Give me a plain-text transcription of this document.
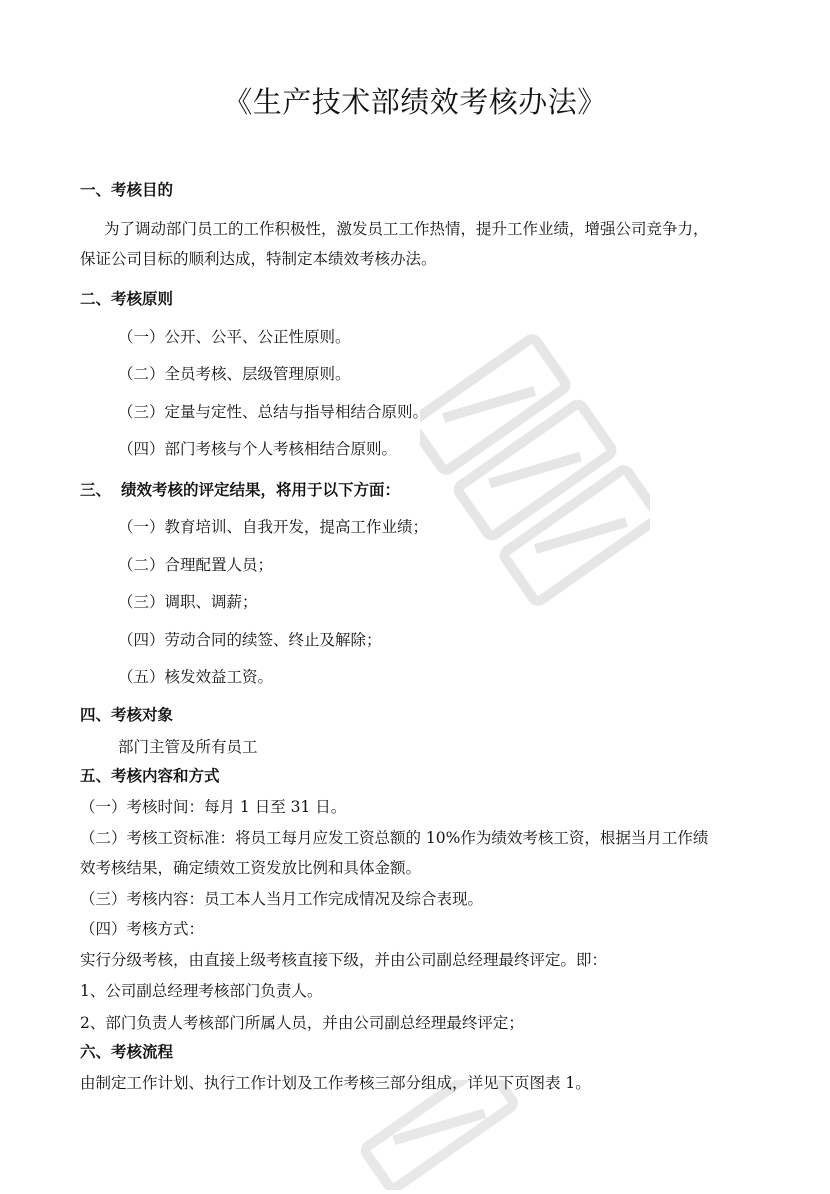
《生产技术部绩效考核办法》
一、考核目的
为了调动部门员工的工作积极性，激发员工工作热情，提升工作业绩，增强公司竞争力，
保证公司目标的顺利达成，特制定本绩效考核办法。
二、考核原则
（一）公开、公平、公正性原则。
（二）全员考核、层级管理原则。
（三）定量与定性、总结与指导相结合原则。
（四）部门考核与个人考核相结合原则。
三、 绩效考核的评定结果，将用于以下方面：
（一）教育培训、自我开发，提高工作业绩；
（二）合理配置人员；
（三）调职、调薪；
（四）劳动合同的续签、终止及解除；
（五）核发效益工资。
四、考核对象
部门主管及所有员工
五、考核内容和方式
（一）考核时间：每月 1 日至 31 日。
（二）考核工资标准：将员工每月应发工资总额的 10%作为绩效考核工资，根据当月工作绩
效考核结果，确定绩效工资发放比例和具体金额。
（三）考核内容：员工本人当月工作完成情况及综合表现。
（四）考核方式：
实行分级考核，由直接上级考核直接下级，并由公司副总经理最终评定。即：
1、公司副总经理考核部门负责人。
2、部门负责人考核部门所属人员，并由公司副总经理最终评定；
六、考核流程
由制定工作计划、执行工作计划及工作考核三部分组成，详见下页图表 1。
